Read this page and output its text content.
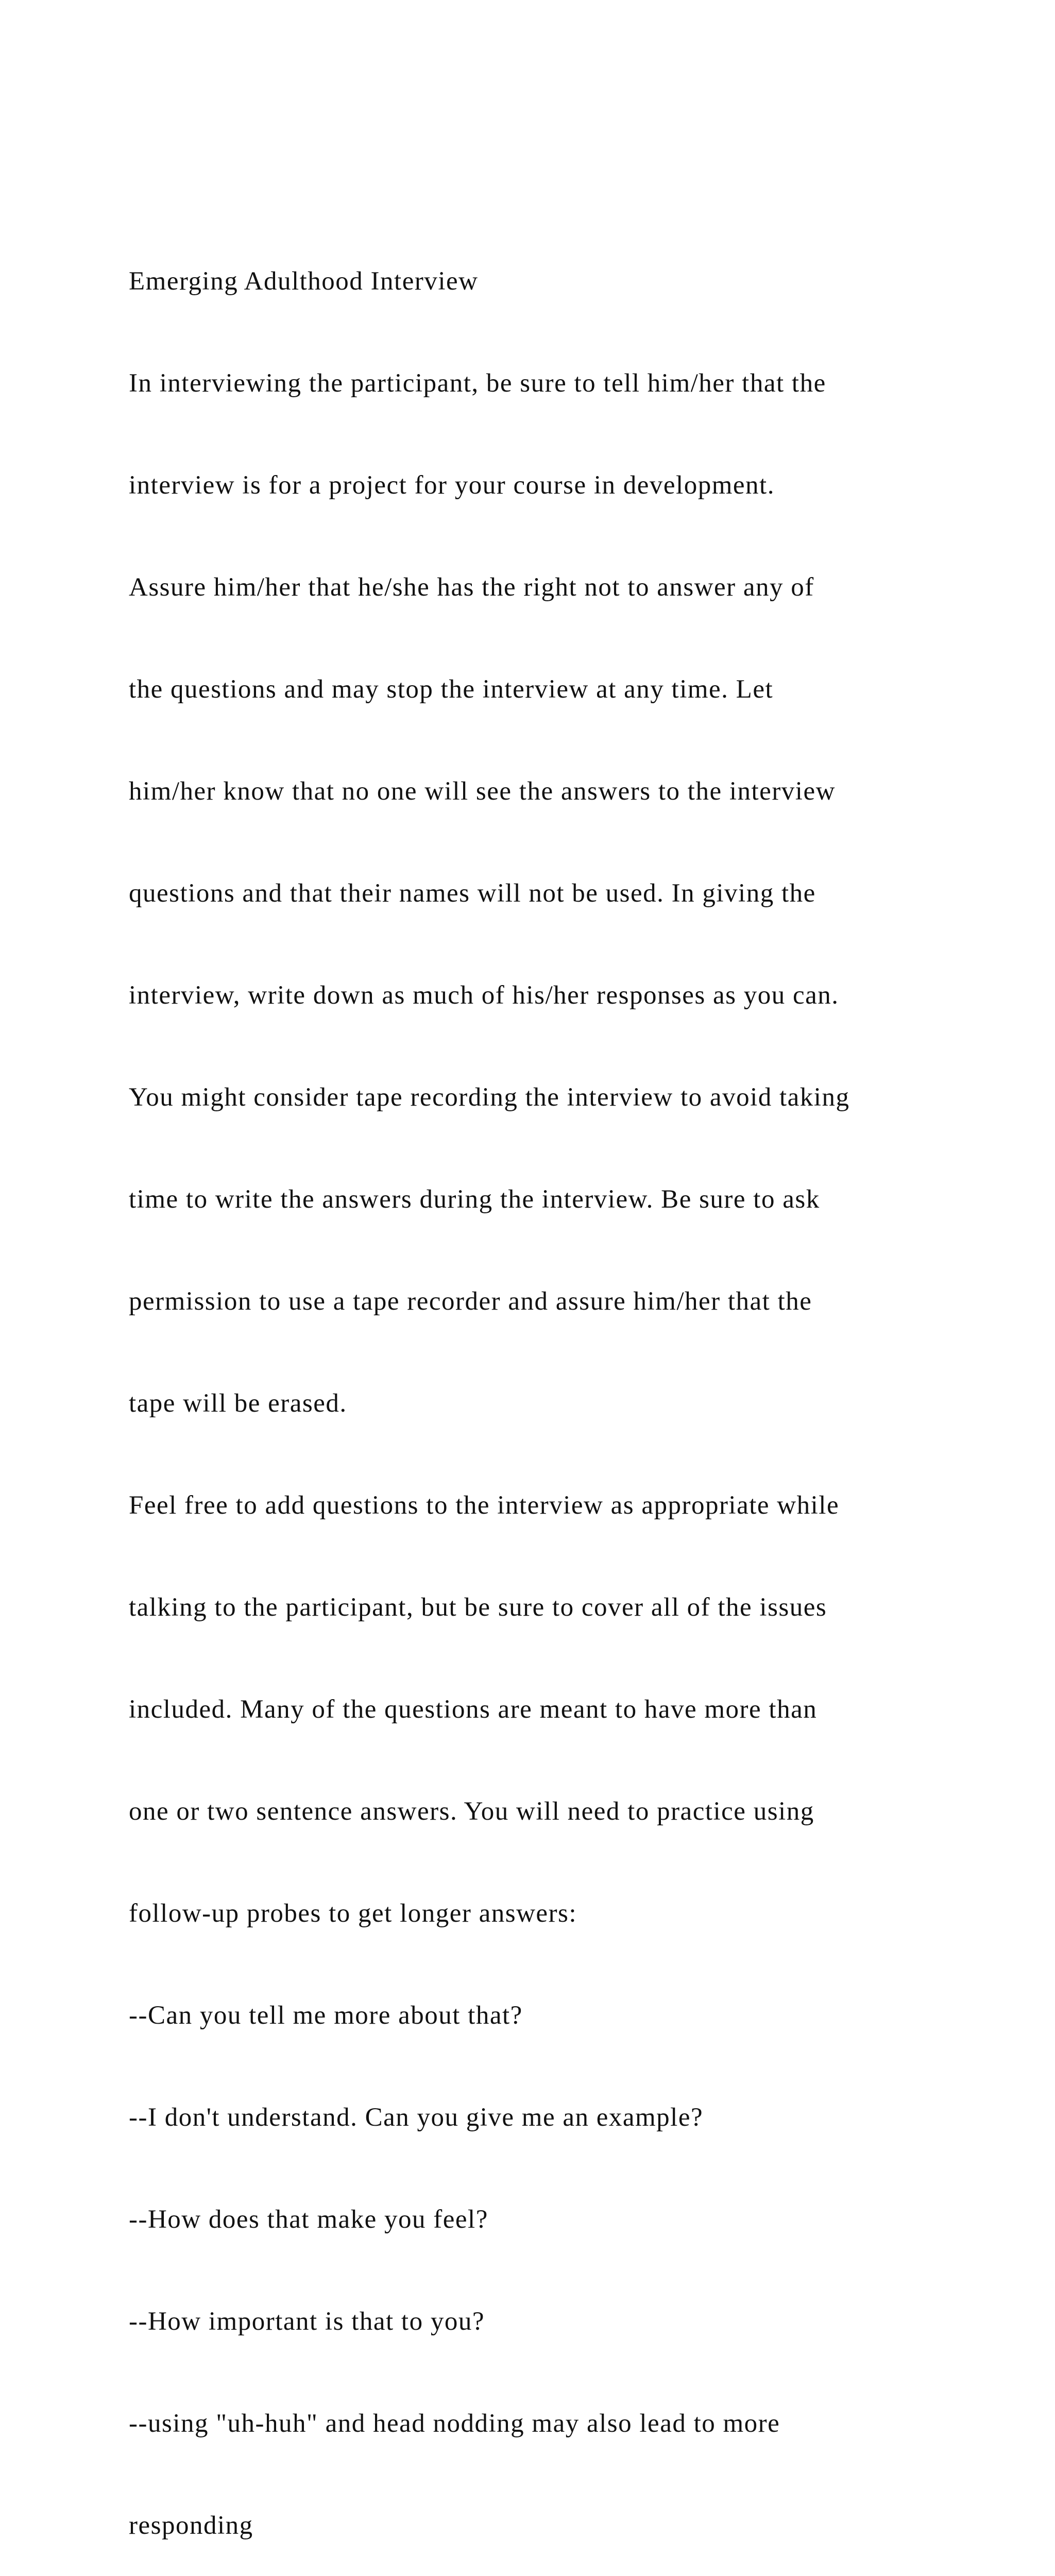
Emerging Adulthood Interview

In interviewing the participant, be sure to tell him/her that the

interview is for a project for your course in development.

Assure him/her that he/she has the right not to answer any of

the questions and may stop the interview at any time. Let

him/her know that no one will see the answers to the interview

questions and that their names will not be used. In giving the

interview, write down as much of his/her responses as you can.

You might consider tape recording the interview to avoid taking

time to write the answers during the interview. Be sure to ask

permission to use a tape recorder and assure him/her that the

tape will be erased.

Feel free to add questions to the interview as appropriate while

talking to the participant, but be sure to cover all of the issues

included. Many of the questions are meant to have more than

one or two sentence answers. You will need to practice using

follow-up probes to get longer answers:

--Can you tell me more about that?

--I don't understand. Can you give me an example?

--How does that make you feel?

--How important is that to you?

--using "uh-huh" and head nodding may also lead to more

responding
